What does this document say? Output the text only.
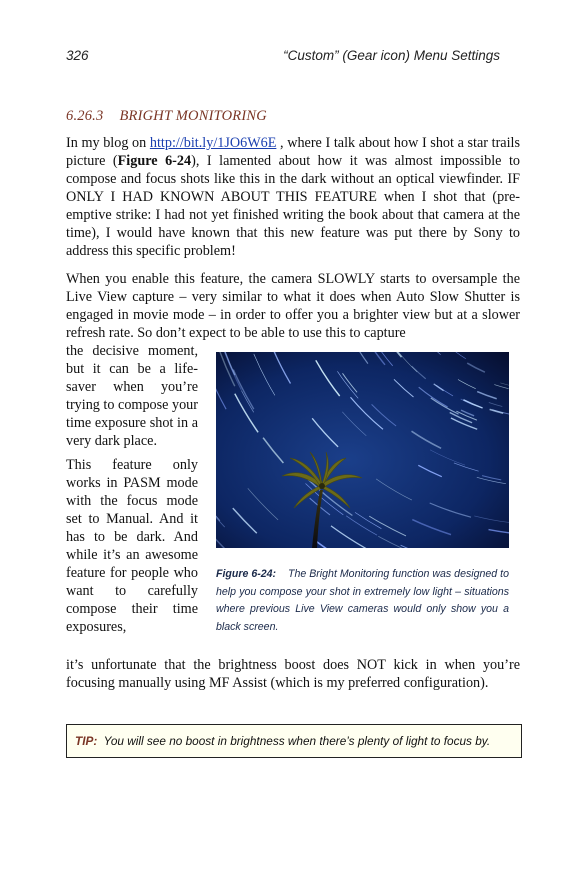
326	“Custom” (Gear icon) Menu Settings
6.26.3 BRIGHT MONITORING

In my blog on http://bit.ly/1JO6W6E , where I talk about how I shot a star trails picture (Figure 6-24), I lamented about how it was almost impossible to compose and focus shots like this in the dark without an optical viewfinder. IF ONLY I HAD KNOWN ABOUT THIS FEATURE when I shot that (pre-emptive strike: I had not yet finished writing the book about that camera at the time), I would have known that this new feature was put there by Sony to address this specific problem!

When you enable this feature, the camera SLOWLY starts to oversample the Live View capture – very similar to what it does when Auto Slow Shutter is engaged in movie mode – in order to offer you a brighter view but at a slower refresh rate. So don’t expect to be able to use this to capture

the decisive moment, but it can be a life-saver when you’re trying to compose your time exposure shot in a very dark place.

This feature only works in PASM mode with the focus mode set to Manual. And it has to be dark. And while it’s an awesome feature for people who want to carefully compose their time exposures,

Figure 6-24: The Bright Monitoring function was designed to help you compose your shot in extremely low light – situations where previous Live View cameras would only show you a black screen.

it’s unfortunate that the brightness boost does NOT kick in when you’re focusing manually using MF Assist (which is my preferred configuration).

TIP: You will see no boost in brightness when there’s plenty of light to focus by.
